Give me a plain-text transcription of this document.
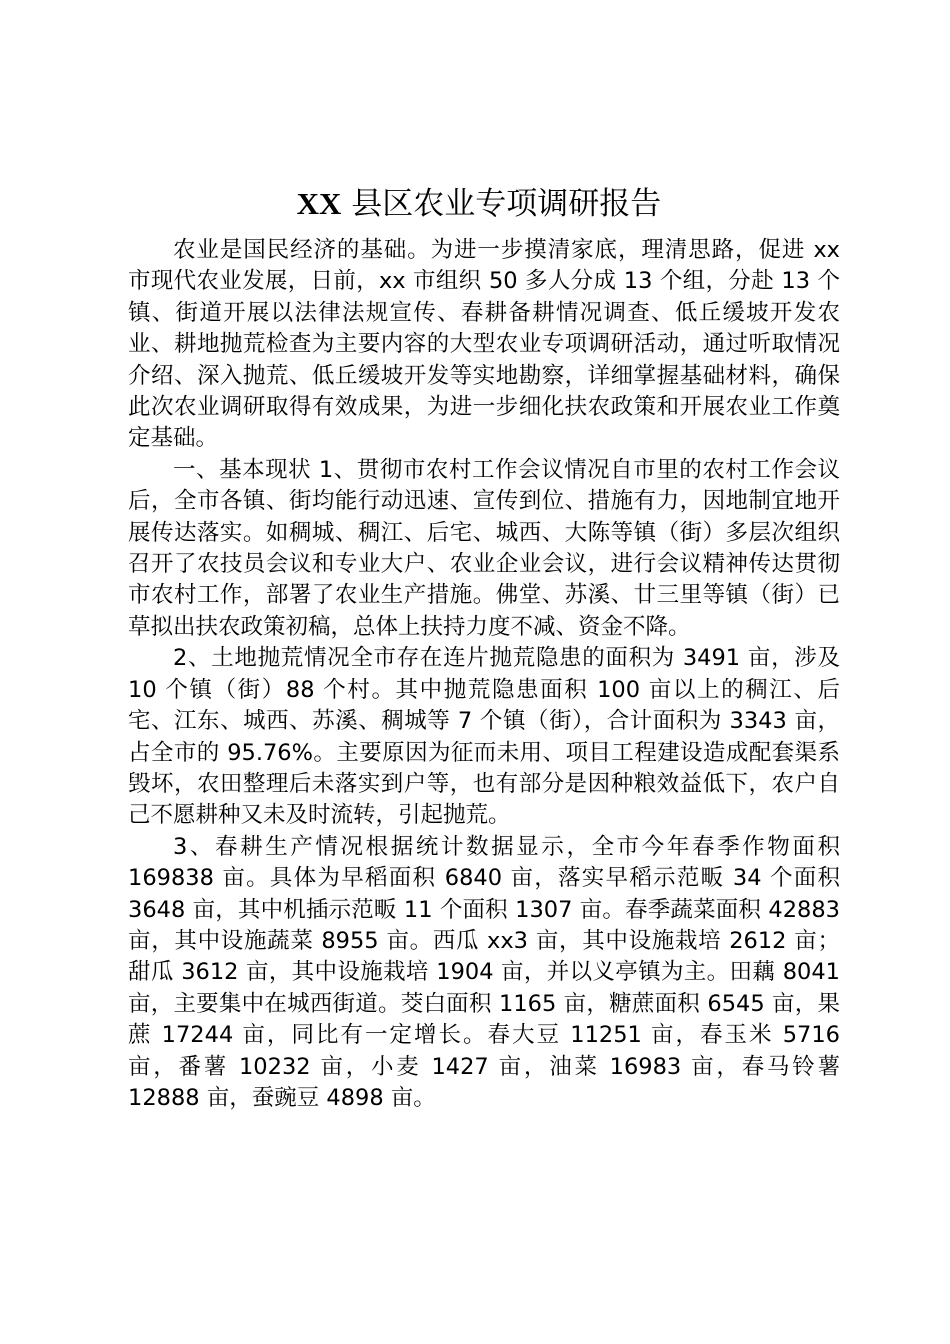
XX 县区农业专项调研报告

农业是国民经济的基础。为进一步摸清家底，理清思路，促进 xx 市现代农业发展，日前，xx 市组织 50 多人分成 13 个组，分赴 13 个镇、街道开展以法律法规宣传、春耕备耕情况调查、低丘缓坡开发农业、耕地抛荒检查为主要内容的大型农业专项调研活动，通过听取情况介绍、深入抛荒、低丘缓坡开发等实地勘察，详细掌握基础材料，确保此次农业调研取得有效成果，为进一步细化扶农政策和开展农业工作奠定基础。

一、基本现状 1、贯彻市农村工作会议情况自市里的农村工作会议后，全市各镇、街均能行动迅速、宣传到位、措施有力，因地制宜地开展传达落实。如稠城、稠江、后宅、城西、大陈等镇（街）多层次组织召开了农技员会议和专业大户、农业企业会议，进行会议精神传达贯彻市农村工作，部署了农业生产措施。佛堂、苏溪、廿三里等镇（街）已草拟出扶农政策初稿，总体上扶持力度不减、资金不降。

2、土地抛荒情况全市存在连片抛荒隐患的面积为 3491 亩，涉及 10 个镇（街）88 个村。其中抛荒隐患面积 100 亩以上的稠江、后宅、江东、城西、苏溪、稠城等 7 个镇（街），合计面积为 3343 亩，占全市的 95.76%。主要原因为征而未用、项目工程建设造成配套渠系毁坏，农田整理后未落实到户等，也有部分是因种粮效益低下，农户自己不愿耕种又未及时流转，引起抛荒。

3、春耕生产情况根据统计数据显示，全市今年春季作物面积 169838 亩。具体为早稻面积 6840 亩，落实早稻示范畈 34 个面积 3648 亩，其中机插示范畈 11 个面积 1307 亩。春季蔬菜面积 42883 亩，其中设施蔬菜 8955 亩。西瓜 xx3 亩，其中设施栽培 2612 亩；甜瓜 3612 亩，其中设施栽培 1904 亩，并以义亭镇为主。田藕 8041 亩，主要集中在城西街道。茭白面积 1165 亩，糖蔗面积 6545 亩，果蔗 17244 亩，同比有一定增长。春大豆 11251 亩，春玉米 5716 亩，番薯 10232 亩，小麦 1427 亩，油菜 16983 亩，春马铃薯 12888 亩，蚕豌豆 4898 亩。
